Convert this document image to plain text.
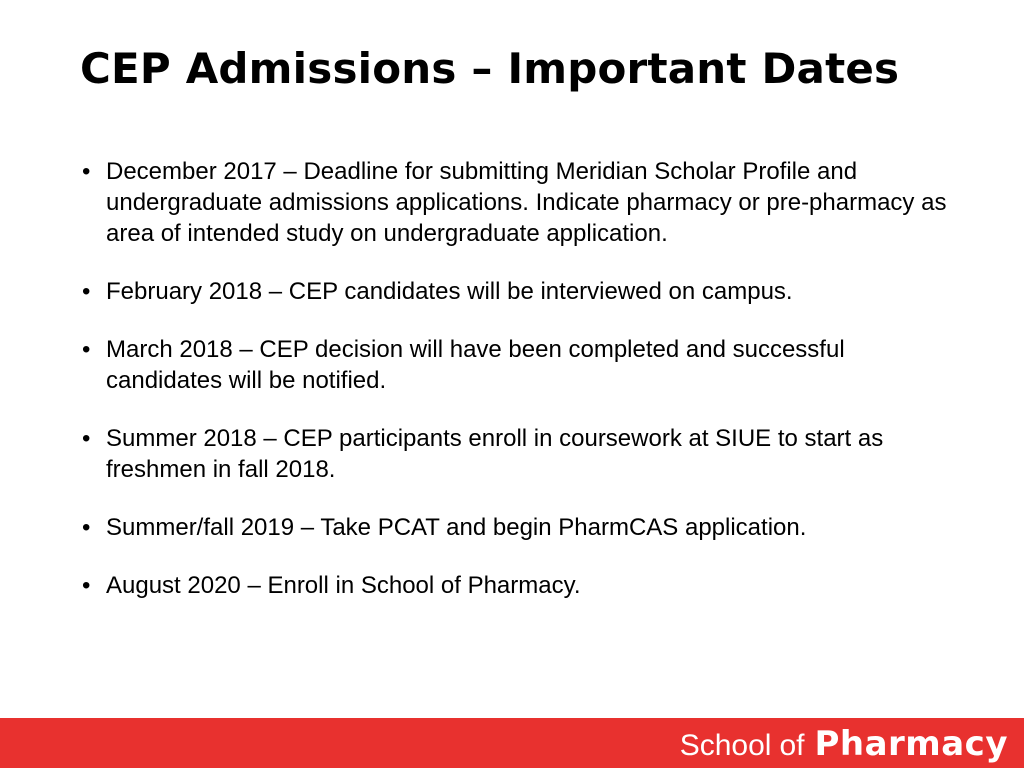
CEP Admissions – Important Dates
• December 2017 – Deadline for submitting Meridian Scholar Profile and undergraduate admissions applications. Indicate pharmacy or pre-pharmacy as area of intended study on undergraduate application.
• February 2018 – CEP candidates will be interviewed on campus.
• March 2018 – CEP decision will have been completed and successful candidates will be notified.
• Summer 2018 – CEP participants enroll in coursework at SIUE to start as freshmen in fall 2018.
• Summer/fall 2019 – Take PCAT and begin PharmCAS application.
• August 2020 – Enroll in School of Pharmacy.
School of Pharmacy
